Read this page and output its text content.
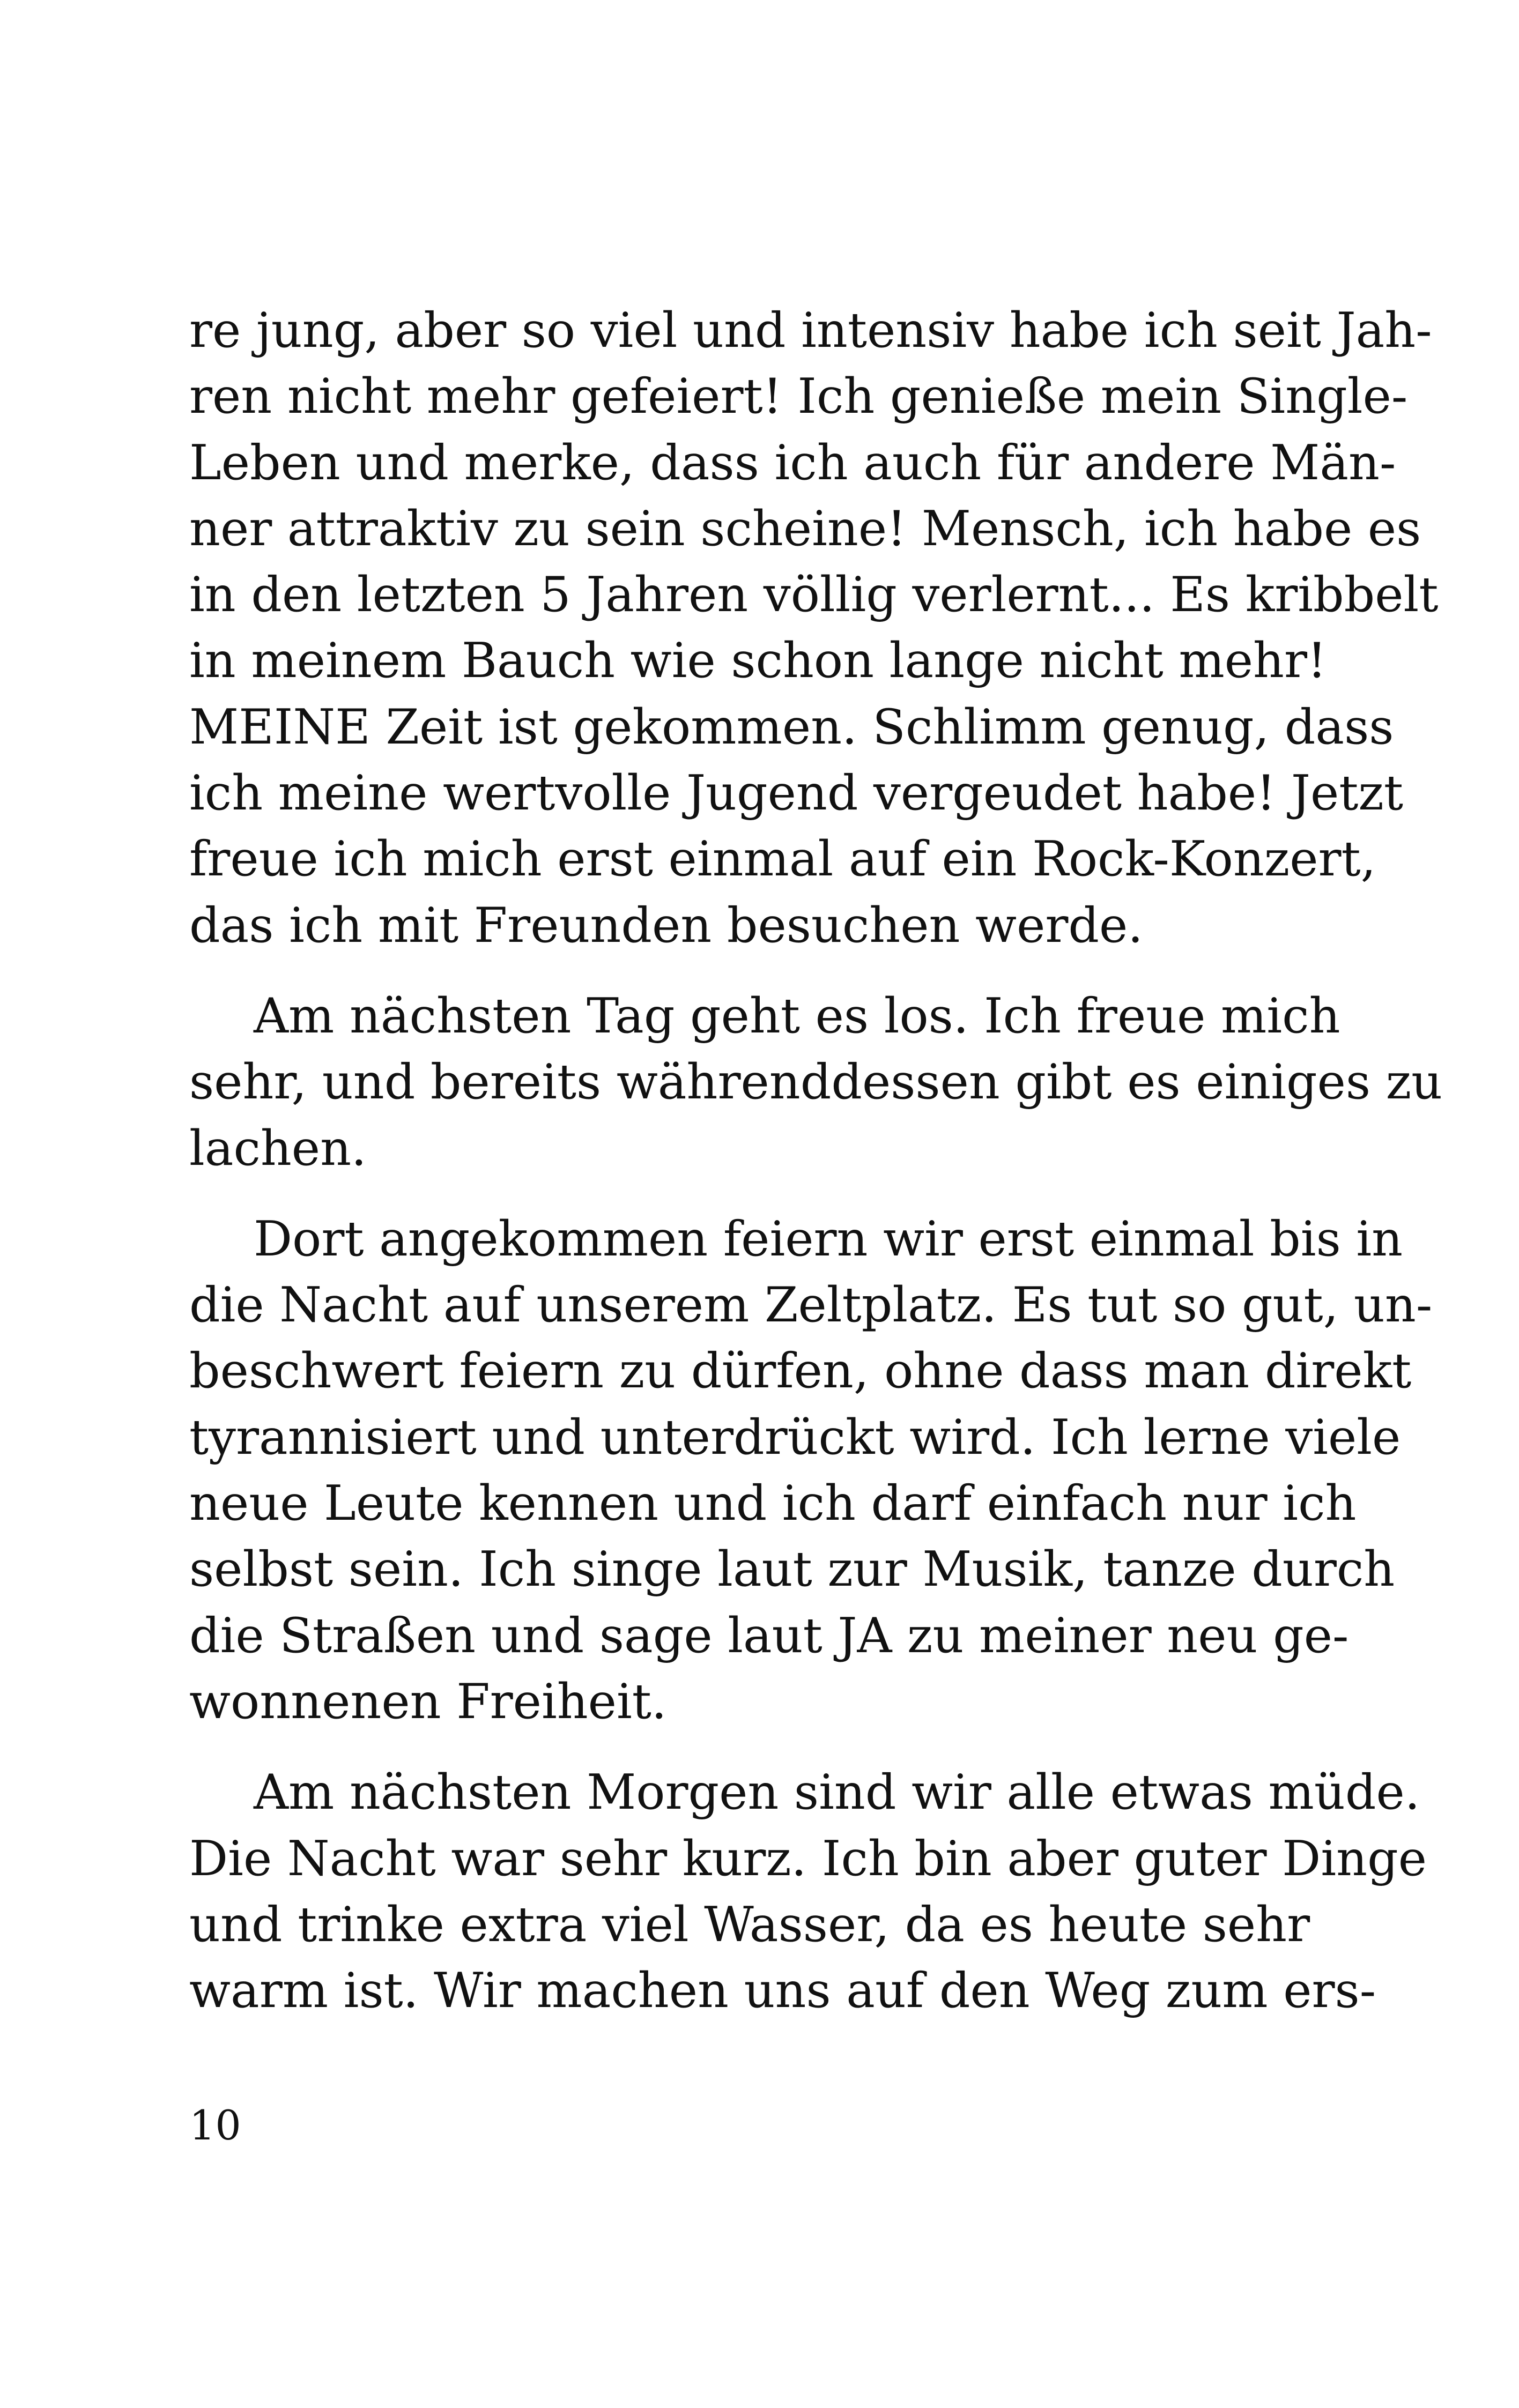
re jung, aber so viel und intensiv habe ich seit Jah-
ren nicht mehr gefeiert! Ich genieße mein Single-
Leben und merke, dass ich auch für andere Män-
ner attraktiv zu sein scheine! Mensch, ich habe es
in den letzten 5 Jahren völlig verlernt... Es kribbelt
in meinem Bauch wie schon lange nicht mehr!
MEINE Zeit ist gekommen. Schlimm genug, dass
ich meine wertvolle Jugend vergeudet habe! Jetzt
freue ich mich erst einmal auf ein Rock-Konzert,
das ich mit Freunden besuchen werde.

Am nächsten Tag geht es los. Ich freue mich
sehr, und bereits währenddessen gibt es einiges zu
lachen.

Dort angekommen feiern wir erst einmal bis in
die Nacht auf unserem Zeltplatz. Es tut so gut, un-
beschwert feiern zu dürfen, ohne dass man direkt
tyrannisiert und unterdrückt wird. Ich lerne viele
neue Leute kennen und ich darf einfach nur ich
selbst sein. Ich singe laut zur Musik, tanze durch
die Straßen und sage laut JA zu meiner neu ge-
wonnenen Freiheit.

Am nächsten Morgen sind wir alle etwas müde.
Die Nacht war sehr kurz. Ich bin aber guter Dinge
und trinke extra viel Wasser, da es heute sehr
warm ist. Wir machen uns auf den Weg zum ers-

10
